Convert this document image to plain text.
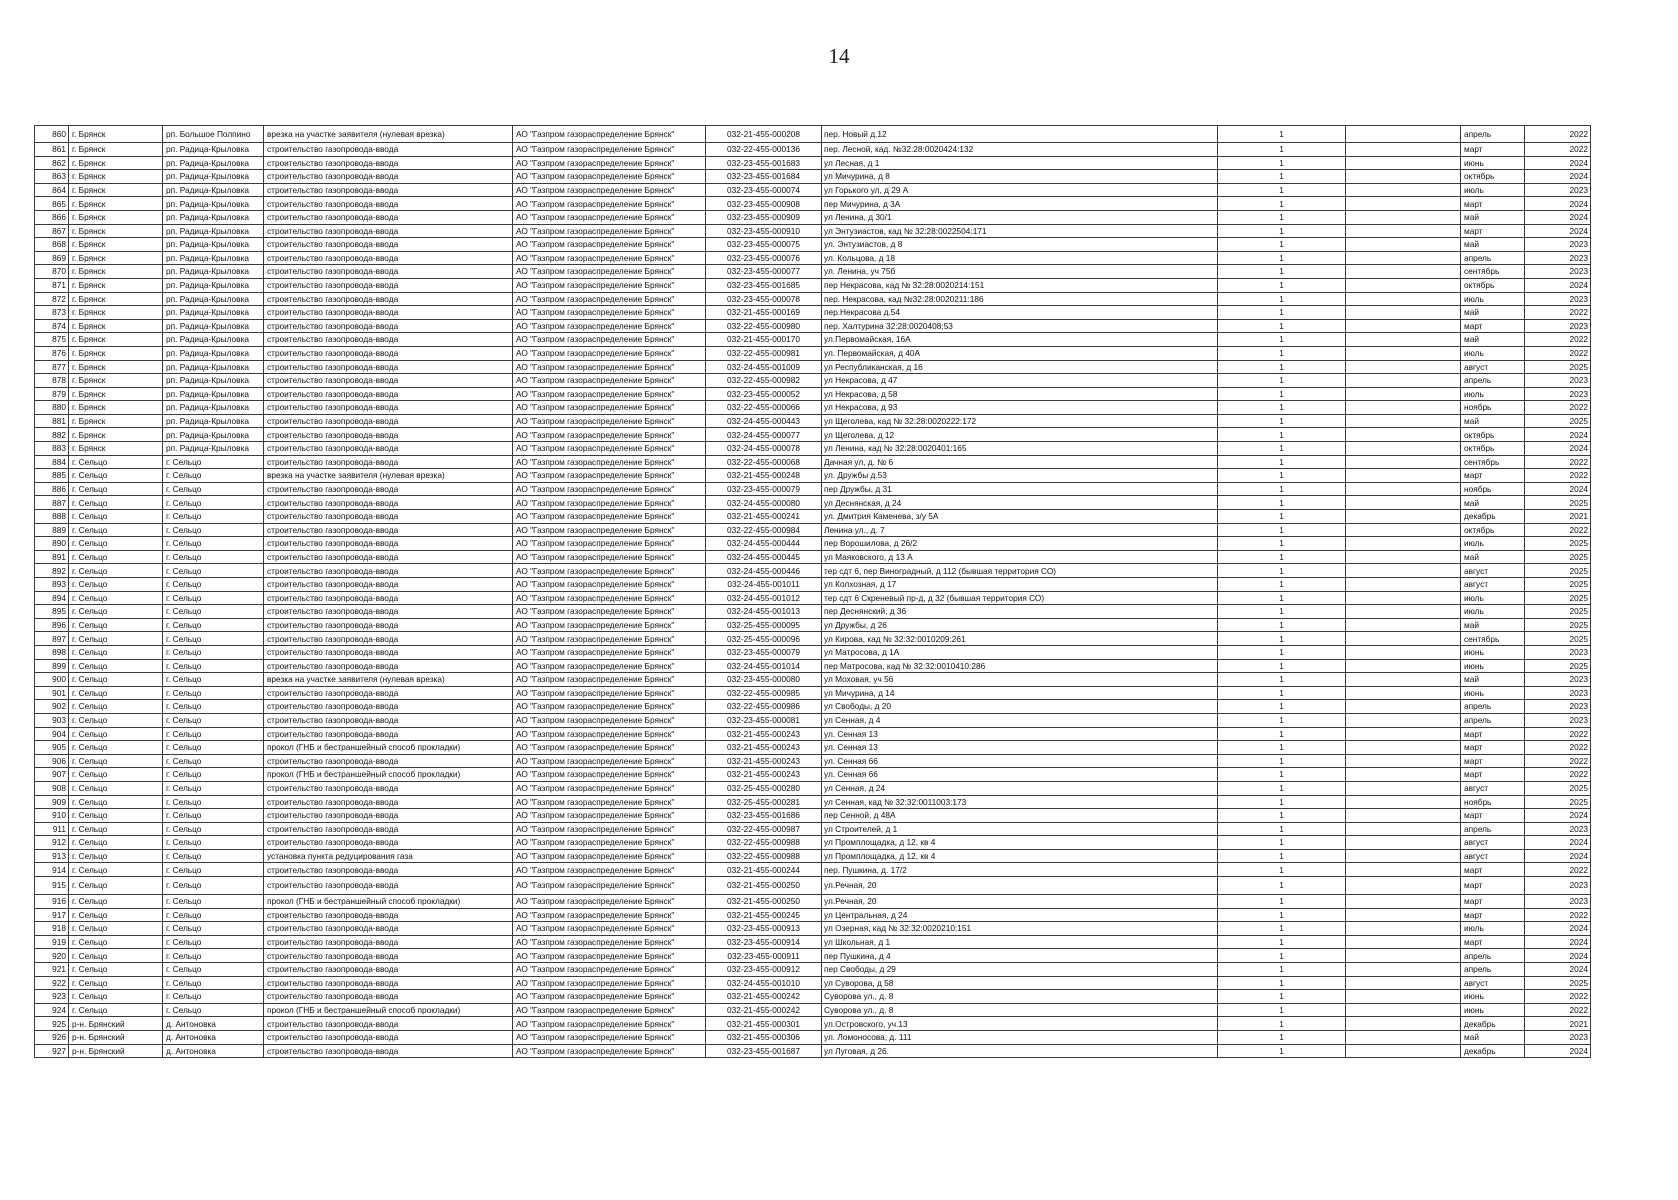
14
860	г. Брянск	рп. Большое Полпино	врезка на участке заявителя (нулевая врезка)	АО "Газпром газораспределение Брянск"	032-21-455-000208	пер. Новый д.12	1		апрель	2022
861	г. Брянск	рп. Радица-Крыловка	строительство газопровода-ввода	АО "Газпром газораспределение Брянск"	032-22-455-000136	пер. Лесной, кад. №32:28:0020424:132	1		март	2022
862	г. Брянск	рп. Радица-Крыловка	строительство газопровода-ввода	АО "Газпром газораспределение Брянск"	032-23-455-001683	ул Лесная, д 1	1		июнь	2024
863	г. Брянск	рп. Радица-Крыловка	строительство газопровода-ввода	АО "Газпром газораспределение Брянск"	032-23-455-001684	ул Мичурина, д 8	1		октябрь	2024
864	г. Брянск	рп. Радица-Крыловка	строительство газопровода-ввода	АО "Газпром газораспределение Брянск"	032-23-455-000074	ул Горького ул, д 29 А	1		июль	2023
865	г. Брянск	рп. Радица-Крыловка	строительство газопровода-ввода	АО "Газпром газораспределение Брянск"	032-23-455-000908	пер Мичурина, д 3А	1		март	2024
866	г. Брянск	рп. Радица-Крыловка	строительство газопровода-ввода	АО "Газпром газораспределение Брянск"	032-23-455-000909	ул Ленина, д 30/1	1		май	2024
867	г. Брянск	рп. Радица-Крыловка	строительство газопровода-ввода	АО "Газпром газораспределение Брянск"	032-23-455-000910	ул Энтузиастов, кад № 32:28:0022504:171	1		март	2024
868	г. Брянск	рп. Радица-Крыловка	строительство газопровода-ввода	АО "Газпром газораспределение Брянск"	032-23-455-000075	ул. Энтузиастов, д 8	1		май	2023
869	г. Брянск	рп. Радица-Крыловка	строительство газопровода-ввода	АО "Газпром газораспределение Брянск"	032-23-455-000076	ул. Кольцова, д 18	1		апрель	2023
870	г. Брянск	рп. Радица-Крыловка	строительство газопровода-ввода	АО "Газпром газораспределение Брянск"	032-23-455-000077	ул. Ленина, уч 75б	1		сентябрь	2023
871	г. Брянск	рп. Радица-Крыловка	строительство газопровода-ввода	АО "Газпром газораспределение Брянск"	032-23-455-001685	пер Некрасова, кад № 32:28:0020214:151	1		октябрь	2024
872	г. Брянск	рп. Радица-Крыловка	строительство газопровода-ввода	АО "Газпром газораспределение Брянск"	032-23-455-000078	пер. Некрасова, кад №32:28:0020211:186	1		июль	2023
873	г. Брянск	рп. Радица-Крыловка	строительство газопровода-ввода	АО "Газпром газораспределение Брянск"	032-21-455-000169	пер.Некрасова д.54	1		май	2022
874	г. Брянск	рп. Радица-Крыловка	строительство газопровода-ввода	АО "Газпром газораспределение Брянск"	032-22-455-000980	пер. Халтурина 32:28:0020408:53	1		март	2023
875	г. Брянск	рп. Радица-Крыловка	строительство газопровода-ввода	АО "Газпром газораспределение Брянск"	032-21-455-000170	ул.Первомайская, 16А	1		май	2022
876	г. Брянск	рп. Радица-Крыловка	строительство газопровода-ввода	АО "Газпром газораспределение Брянск"	032-22-455-000981	ул. Первомайская, д 40А	1		июль	2022
877	г. Брянск	рп. Радица-Крыловка	строительство газопровода-ввода	АО "Газпром газораспределение Брянск"	032-24-455-001009	ул Республиканская, д 16	1		август	2025
878	г. Брянск	рп. Радица-Крыловка	строительство газопровода-ввода	АО "Газпром газораспределение Брянск"	032-22-455-000982	ул Некрасова, д 47	1		апрель	2023
879	г. Брянск	рп. Радица-Крыловка	строительство газопровода-ввода	АО "Газпром газораспределение Брянск"	032-23-455-000052	ул Некрасова, д 58	1		июль	2023
880	г. Брянск	рп. Радица-Крыловка	строительство газопровода-ввода	АО "Газпром газораспределение Брянск"	032-22-455-000066	ул Некрасова, д 93	1		ноябрь	2022
881	г. Брянск	рп. Радица-Крыловка	строительство газопровода-ввода	АО "Газпром газораспределение Брянск"	032-24-455-000443	ул Щеголева, кад № 32:28:0020222:172	1		май	2025
882	г. Брянск	рп. Радица-Крыловка	строительство газопровода-ввода	АО "Газпром газораспределение Брянск"	032-24-455-000077	ул Щеголева, д 12	1		октябрь	2024
883	г. Брянск	рп. Радица-Крыловка	строительство газопровода-ввода	АО "Газпром газораспределение Брянск"	032-24-455-000078	ул Ленина, кад № 32:28:0020401:165	1		октябрь	2024
884	г. Сельцо	г. Сельцо	строительство газопровода-ввода	АО "Газпром газораспределение Брянск"	032-22-455-000068	Дачная ул, д. № 6	1		сентябрь	2022
885	г. Сельцо	г. Сельцо	врезка на участке заявителя (нулевая врезка)	АО "Газпром газораспределение Брянск"	032-21-455-000248	ул. Дружбы д.53	1		март	2022
886	г. Сельцо	г. Сельцо	строительство газопровода-ввода	АО "Газпром газораспределение Брянск"	032-23-455-000079	пер Дружбы, д 31	1		ноябрь	2024
887	г. Сельцо	г. Сельцо	строительство газопровода-ввода	АО "Газпром газораспределение Брянск"	032-24-455-000080	ул Деснянская, д 24	1		май	2025
888	г. Сельцо	г. Сельцо	строительство газопровода-ввода	АО "Газпром газораспределение Брянск"	032-21-455-000241	ул. Дмитрия Каменева, з/у 5А	1		декабрь	2021
889	г. Сельцо	г. Сельцо	строительство газопровода-ввода	АО "Газпром газораспределение Брянск"	032-22-455-000984	Ленина ул., д. 7	1		октябрь	2022
890	г. Сельцо	г. Сельцо	строительство газопровода-ввода	АО "Газпром газораспределение Брянск"	032-24-455-000444	пер Ворошилова, д 26/2	1		июль	2025
891	г. Сельцо	г. Сельцо	строительство газопровода-ввода	АО "Газпром газораспределение Брянск"	032-24-455-000445	ул Маяковского, д 13 А	1		май	2025
892	г. Сельцо	г. Сельцо	строительство газопровода-ввода	АО "Газпром газораспределение Брянск"	032-24-455-000446	тер сдт 6, пер Виноградный, д 112 (бывшая территория СО)	1		август	2025
893	г. Сельцо	г. Сельцо	строительство газопровода-ввода	АО "Газпром газораспределение Брянск"	032-24-455-001011	ул Колхозная, д 17	1		август	2025
894	г. Сельцо	г. Сельцо	строительство газопровода-ввода	АО "Газпром газораспределение Брянск"	032-24-455-001012	тер сдт 6 Скреневый пр-д, д 32 (бывшая территория СО)	1		июль	2025
895	г. Сельцо	г. Сельцо	строительство газопровода-ввода	АО "Газпром газораспределение Брянск"	032-24-455-001013	пер Деснянский, д 36	1		июль	2025
896	г. Сельцо	г. Сельцо	строительство газопровода-ввода	АО "Газпром газораспределение Брянск"	032-25-455-000095	ул Дружбы, д 26	1		май	2025
897	г. Сельцо	г. Сельцо	строительство газопровода-ввода	АО "Газпром газораспределение Брянск"	032-25-455-000096	ул Кирова, кад № 32:32:0010209:261	1		сентябрь	2025
898	г. Сельцо	г. Сельцо	строительство газопровода-ввода	АО "Газпром газораспределение Брянск"	032-23-455-000079	ул Матросова, д 1А	1		июнь	2023
899	г. Сельцо	г. Сельцо	строительство газопровода-ввода	АО "Газпром газораспределение Брянск"	032-24-455-001014	пер Матросова, кад № 32:32:0010410:286	1		июнь	2025
900	г. Сельцо	г. Сельцо	врезка на участке заявителя (нулевая врезка)	АО "Газпром газораспределение Брянск"	032-23-455-000080	ул Моховая, уч 56	1		май	2023
901	г. Сельцо	г. Сельцо	строительство газопровода-ввода	АО "Газпром газораспределение Брянск"	032-22-455-000985	ул Мичурина, д 14	1		июнь	2023
902	г. Сельцо	г. Сельцо	строительство газопровода-ввода	АО "Газпром газораспределение Брянск"	032-22-455-000986	ул Свободы, д 20	1		апрель	2023
903	г. Сельцо	г. Сельцо	строительство газопровода-ввода	АО "Газпром газораспределение Брянск"	032-23-455-000081	ул Сенная, д 4	1		апрель	2023
904	г. Сельцо	г. Сельцо	строительство газопровода-ввода	АО "Газпром газораспределение Брянск"	032-21-455-000243	ул. Сенная 13	1		март	2022
905	г. Сельцо	г. Сельцо	прокол (ГНБ и бестраншейный способ прокладки)	АО "Газпром газораспределение Брянск"	032-21-455-000243	ул. Сенная 13	1		март	2022
906	г. Сельцо	г. Сельцо	строительство газопровода-ввода	АО "Газпром газораспределение Брянск"	032-21-455-000243	ул. Сенная 66	1		март	2022
907	г. Сельцо	г. Сельцо	прокол (ГНБ и бестраншейный способ прокладки)	АО "Газпром газораспределение Брянск"	032-21-455-000243	ул. Сенная 66	1		март	2022
908	г. Сельцо	г. Сельцо	строительство газопровода-ввода	АО "Газпром газораспределение Брянск"	032-25-455-000280	ул Сенная, д 24	1		август	2025
909	г. Сельцо	г. Сельцо	строительство газопровода-ввода	АО "Газпром газораспределение Брянск"	032-25-455-000281	ул Сенная, кад № 32:32:0011003:173	1		ноябрь	2025
910	г. Сельцо	г. Сельцо	строительство газопровода-ввода	АО "Газпром газораспределение Брянск"	032-23-455-001686	пер Сенной, д 48А	1		март	2024
911	г. Сельцо	г. Сельцо	строительство газопровода-ввода	АО "Газпром газораспределение Брянск"	032-22-455-000987	ул Строителей, д 1	1		апрель	2023
912	г. Сельцо	г. Сельцо	строительство газопровода-ввода	АО "Газпром газораспределение Брянск"	032-22-455-000988	ул Промплощадка, д 12, кв 4	1		август	2024
913	г. Сельцо	г. Сельцо	установка пункта редуцирования газа	АО "Газпром газораспределение Брянск"	032-22-455-000988	ул Промплощадка, д 12, кв 4	1		август	2024
914	г. Сельцо	г. Сельцо	строительство газопровода-ввода	АО "Газпром газораспределение Брянск"	032-21-455-000244	пер. Пушкина, д. 17/2	1		март	2022
915	г. Сельцо	г. Сельцо	строительство газопровода-ввода	АО "Газпром газораспределение Брянск"	032-21-455-000250	ул.Речная, 20	1		март	2023
916	г. Сельцо	г. Сельцо	прокол (ГНБ и бестраншейный способ прокладки)	АО "Газпром газораспределение Брянск"	032-21-455-000250	ул.Речная, 20	1		март	2023
917	г. Сельцо	г. Сельцо	строительство газопровода-ввода	АО "Газпром газораспределение Брянск"	032-21-455-000245	ул Центральная, д 24	1		март	2022
918	г. Сельцо	г. Сельцо	строительство газопровода-ввода	АО "Газпром газораспределение Брянск"	032-23-455-000913	ул Озерная, кад № 32:32:0020210:151	1		июль	2024
919	г. Сельцо	г. Сельцо	строительство газопровода-ввода	АО "Газпром газораспределение Брянск"	032-23-455-000914	ул Школьная, д 1	1		март	2024
920	г. Сельцо	г. Сельцо	строительство газопровода-ввода	АО "Газпром газораспределение Брянск"	032-23-455-000911	пер Пушкина, д 4	1		апрель	2024
921	г. Сельцо	г. Сельцо	строительство газопровода-ввода	АО "Газпром газораспределение Брянск"	032-23-455-000912	пер Свободы, д 29	1		апрель	2024
922	г. Сельцо	г. Сельцо	строительство газопровода-ввода	АО "Газпром газораспределение Брянск"	032-24-455-001010	ул Суворова, д 58	1		август	2025
923	г. Сельцо	г. Сельцо	строительство газопровода-ввода	АО "Газпром газораспределение Брянск"	032-21-455-000242	Суворова ул., д. 8	1		июнь	2022
924	г. Сельцо	г. Сельцо	прокол (ГНБ и бестраншейный способ прокладки)	АО "Газпром газораспределение Брянск"	032-21-455-000242	Суворова ул., д. 8	1		июнь	2022
925	р-н. Брянский	д. Антоновка	строительство газопровода-ввода	АО "Газпром газораспределение Брянск"	032-21-455-000301	ул.Островского, уч.13	1		декабрь	2021
926	р-н. Брянский	д. Антоновка	строительство газопровода-ввода	АО "Газпром газораспределение Брянск"	032-21-455-000306	ул. Ломоносова, д. 111	1		май	2023
927	р-н. Брянский	д. Антоновка	строительство газопровода-ввода	АО "Газпром газораспределение Брянск"	032-23-455-001687	ул Луговая, д 26.	1		декабрь	2024
